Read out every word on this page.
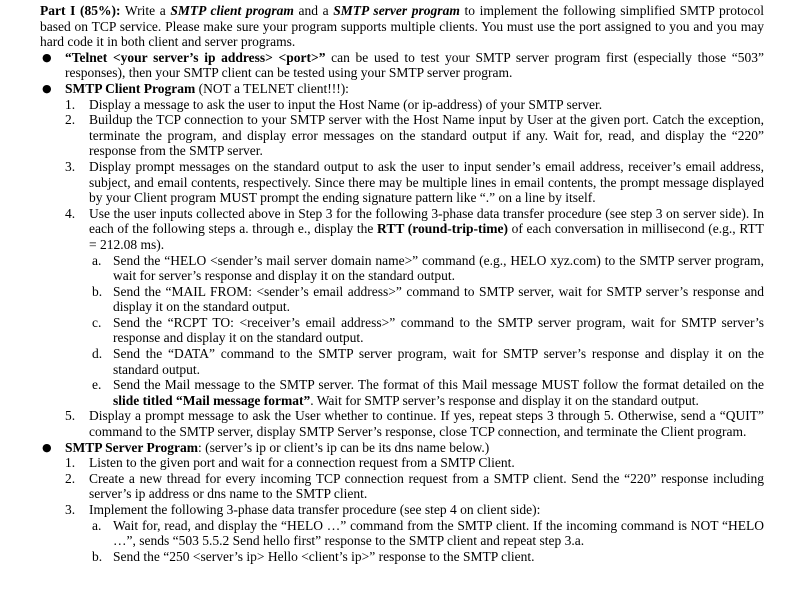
Part I (85%): Write a SMTP client program and a SMTP server program to implement the following simplified SMTP protocol based on TCP service. Please make sure your program supports multiple clients. You must use the port assigned to you and you may hard code it in both client and server programs.

● “Telnet <your server’s ip address> <port>” can be used to test your SMTP server program first (especially those “503” responses), then your SMTP client can be tested using your SMTP server program.

● SMTP Client Program (NOT a TELNET client!!!):

1. Display a message to ask the user to input the Host Name (or ip-address) of your SMTP server.

2. Buildup the TCP connection to your SMTP server with the Host Name input by User at the given port. Catch the exception, terminate the program, and display error messages on the standard output if any. Wait for, read, and display the “220” response from the SMTP server.

3. Display prompt messages on the standard output to ask the user to input sender’s email address, receiver’s email address, subject, and email contents, respectively. Since there may be multiple lines in email contents, the prompt message displayed by your Client program MUST prompt the ending signature pattern like “.” on a line by itself.

4. Use the user inputs collected above in Step 3 for the following 3-phase data transfer procedure (see step 3 on server side). In each of the following steps a. through e., display the RTT (round-trip-time) of each conversation in millisecond (e.g., RTT = 212.08 ms).

a. Send the “HELO <sender’s mail server domain name>” command (e.g., HELO xyz.com) to the SMTP server program, wait for server’s response and display it on the standard output.

b. Send the “MAIL FROM: <sender’s email address>” command to SMTP server, wait for SMTP server’s response and display it on the standard output.

c. Send the “RCPT TO: <receiver’s email address>” command to the SMTP server program, wait for SMTP server’s response and display it on the standard output.

d. Send the “DATA” command to the SMTP server program, wait for SMTP server’s response and display it on the standard output.

e. Send the Mail message to the SMTP server. The format of this Mail message MUST follow the format detailed on the slide titled “Mail message format”. Wait for SMTP server’s response and display it on the standard output.

5. Display a prompt message to ask the User whether to continue. If yes, repeat steps 3 through 5. Otherwise, send a “QUIT” command to the SMTP server, display SMTP Server’s response, close TCP connection, and terminate the Client program.

● SMTP Server Program: (server’s ip or client’s ip can be its dns name below.)

1. Listen to the given port and wait for a connection request from a SMTP Client.

2. Create a new thread for every incoming TCP connection request from a SMTP client. Send the “220” response including server’s ip address or dns name to the SMTP client.

3. Implement the following 3-phase data transfer procedure (see step 4 on client side):

a. Wait for, read, and display the “HELO …” command from the SMTP client. If the incoming command is NOT “HELO …”, sends “503 5.5.2 Send hello first” response to the SMTP client and repeat step 3.a.

b. Send the “250 <server’s ip> Hello <client’s ip>” response to the SMTP client.
